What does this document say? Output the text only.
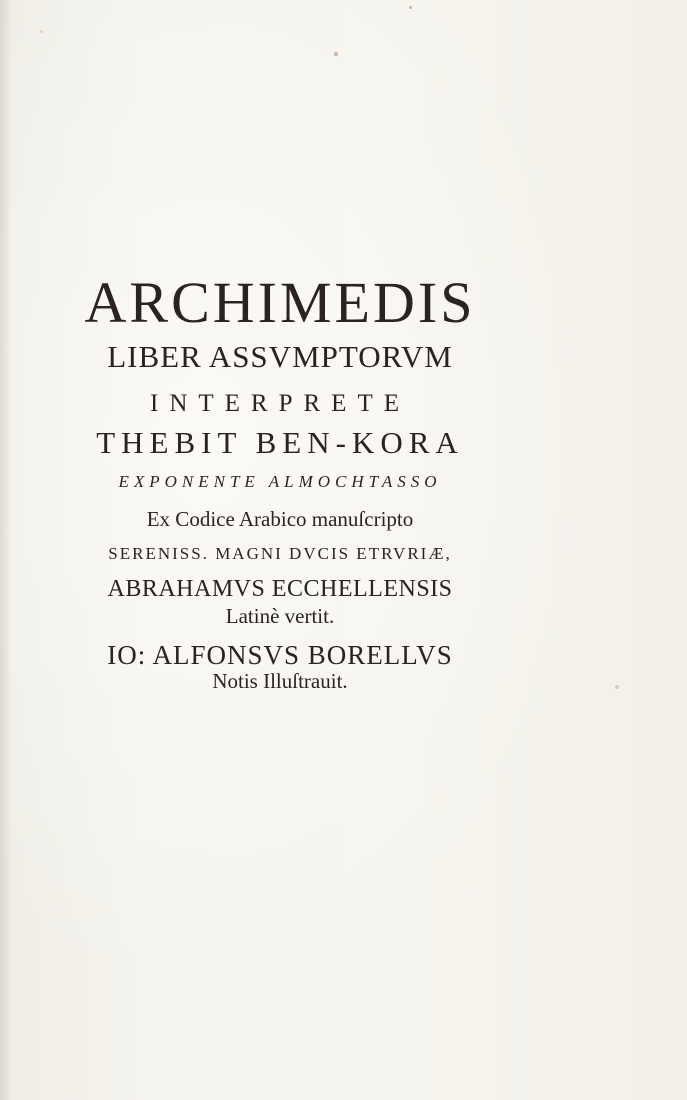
ARCHIMEDIS
LIBER ASSVMPTORVM
INTERPRETE
THEBIT BEN-KORA
EXPONENTE ALMOCHTASSO
Ex Codice Arabico manuſcripto
SERENISS. MAGNI DVCIS ETRVRIÆ,
ABRAHAMVS ECCHELLENSIS
Latinè vertit.
IO: ALFONSVS BORELLVS
Notis Illuſtrauit.
